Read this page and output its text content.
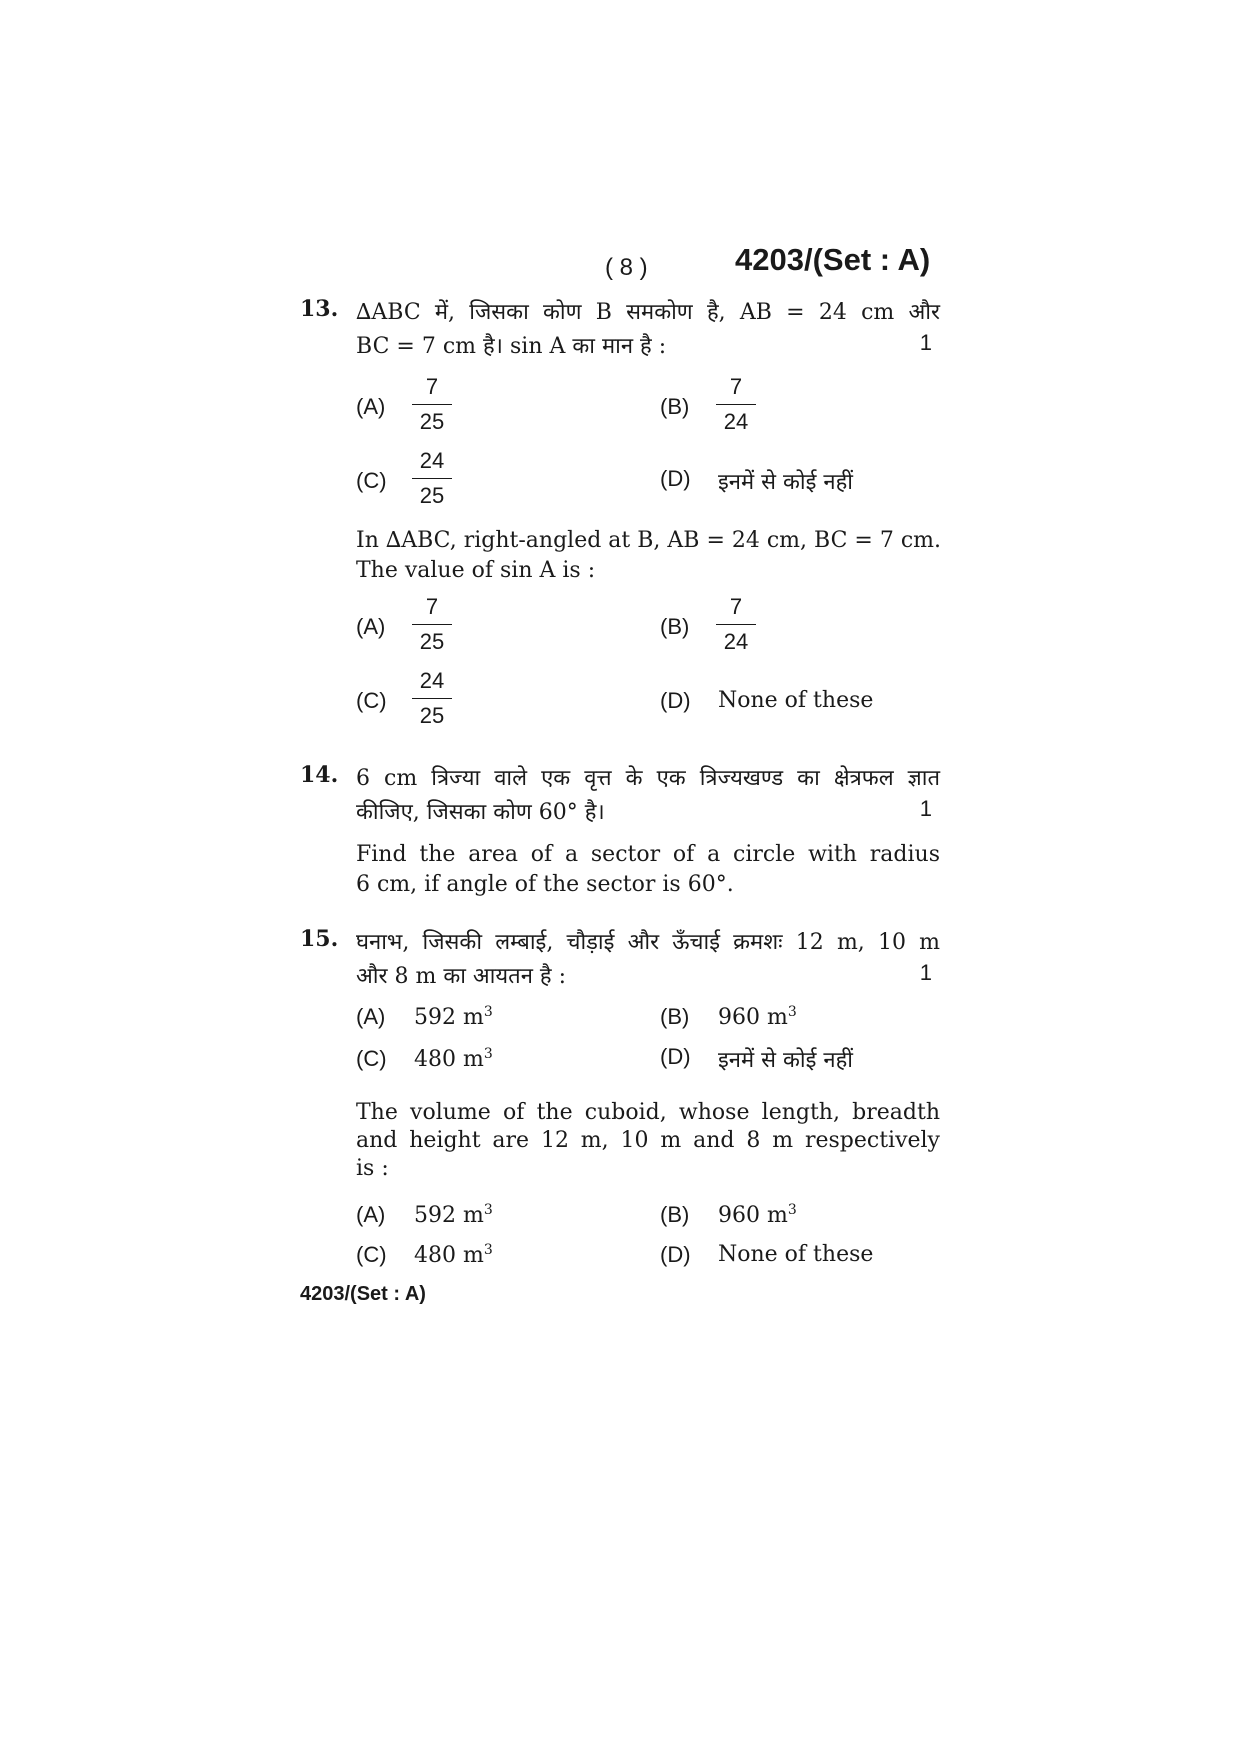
( 8 )	4203/(Set : A)
13. ∆ABC में, जिसका कोण B समकोण है, AB = 24 cm और
BC = 7 cm है। sin A का मान है :	1
(A)
7
25
(B)
7
24
(C)
24
25
(D) इनमें से कोई नहीं
In ∆ABC, right-angled at B, AB = 24 cm, BC = 7 cm.
The value of sin A is :
(A)
7
25
(B)
7
24
(C)
24
25
(D) None of these
14. 6 cm त्रिज्या वाले एक वृत्त के एक त्रिज्यखण्ड का क्षेत्रफल ज्ञात
कीजिए, जिसका कोण 60° है।	1
Find the area of a sector of a circle with radius
6 cm, if angle of the sector is 60°.
15. घनाभ, जिसकी लम्बाई, चौड़ाई और ऊँचाई क्रमशः 12 m, 10 m
और 8 m का आयतन है :	1
(A) 592 $m^3$	(B) 960 $m^3$
(C) 480 $m^3$	(D) इनमें से कोई नहीं
The volume of the cuboid, whose length, breadth
and height are 12 m, 10 m and 8 m respectively
is :
(A) 592 $m^3$	(B) 960 $m^3$
(C) 480 $m^3$	(D) None of these
4203/(Set : A)
